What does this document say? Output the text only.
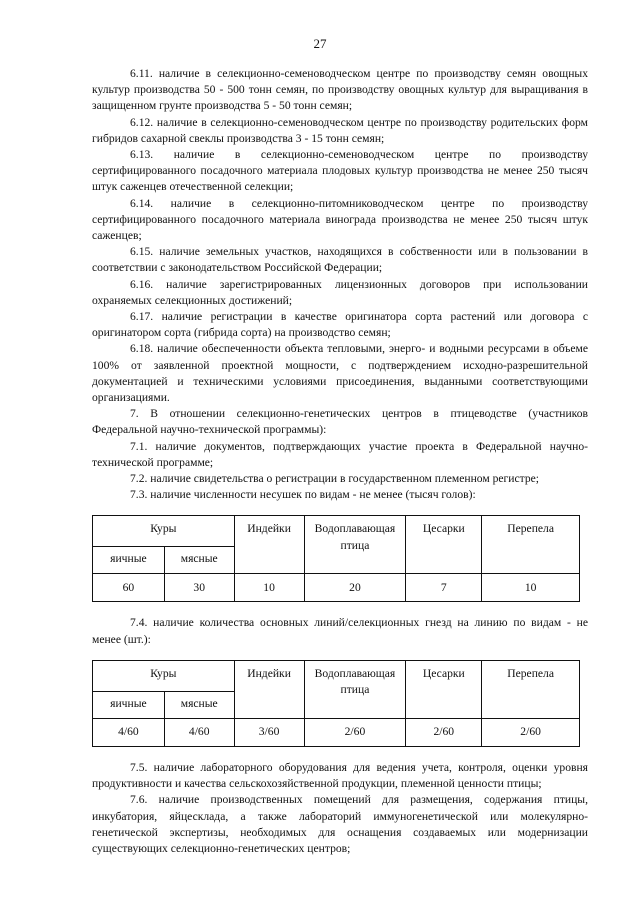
27

6.11. наличие в селекционно-семеноводческом центре по производству семян овощных культур производства 50 - 500 тонн семян, по производству овощных культур для выращивания в защищенном грунте производства 5 - 50 тонн семян;

6.12. наличие в селекционно-семеноводческом центре по производству родительских форм гибридов сахарной свеклы производства 3 - 15 тонн семян;

6.13. наличие в селекционно-семеноводческом центре по производству сертифицированного посадочного материала плодовых культур производства не менее 250 тысяч штук саженцев отечественной селекции;

6.14. наличие в селекционно-питомниководческом центре по производству сертифицированного посадочного материала винограда производства не менее 250 тысяч штук саженцев;

6.15. наличие земельных участков, находящихся в собственности или в пользовании в соответствии с законодательством Российской Федерации;

6.16. наличие зарегистрированных лицензионных договоров при использовании охраняемых селекционных достижений;

6.17. наличие регистрации в качестве оригинатора сорта растений или договора с оригинатором сорта (гибрида сорта) на производство семян;

6.18. наличие обеспеченности объекта тепловыми, энерго- и водными ресурсами в объеме 100% от заявленной проектной мощности, с подтверждением исходно-разрешительной документацией и техническими условиями присоединения, выданными соответствующими организациями.

7. В отношении селекционно-генетических центров в птицеводстве (участников Федеральной научно-технической программы):

7.1. наличие документов, подтверждающих участие проекта в Федеральной научно-технической программе;

7.2. наличие свидетельства о регистрации в государственном племенном регистре;

7.3. наличие численности несушек по видам - не менее (тысяч голов):

Куры		Индейки	Водоплавающая птица	Цесарки	Перепела
яичные	мясные				
60	30	10	20	7	10

7.4. наличие количества основных линий/селекционных гнезд на линию по видам - не менее (шт.):

Куры		Индейки	Водоплавающая птица	Цесарки	Перепела
яичные	мясные				
4/60	4/60	3/60	2/60	2/60	2/60

7.5. наличие лабораторного оборудования для ведения учета, контроля, оценки уровня продуктивности и качества сельскохозяйственной продукции, племенной ценности птицы;

7.6. наличие производственных помещений для размещения, содержания птицы, инкубатория, яйцесклада, а также лабораторий иммуногенетической или молекулярно-генетической экспертизы, необходимых для оснащения создаваемых или модернизации существующих селекционно-генетических центров;
